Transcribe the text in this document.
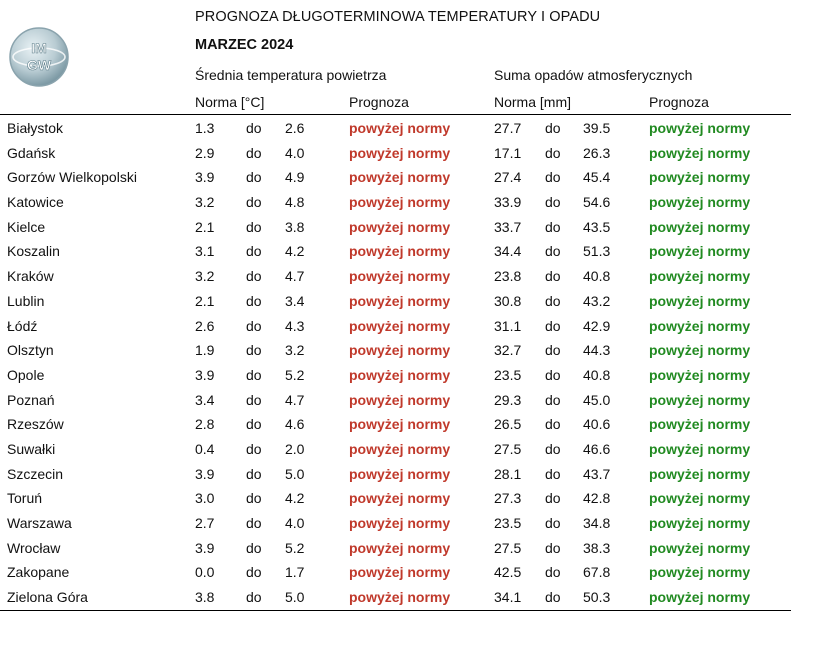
IM
GW
PROGNOZA DŁUGOTERMINOWA TEMPERATURY I OPADU
MARZEC 2024
Średnia temperatura powietrza	Suma opadów atmosferycznych
Norma [°C]	Prognoza	Norma [mm]	Prognoza
Białystok	1.3 do 2.6	powyżej normy	27.7 do 39.5	powyżej normy
Gdańsk	2.9 do 4.0	powyżej normy	17.1 do 26.3	powyżej normy
Gorzów Wielkopolski	3.9 do 4.9	powyżej normy	27.4 do 45.4	powyżej normy
Katowice	3.2 do 4.8	powyżej normy	33.9 do 54.6	powyżej normy
Kielce	2.1 do 3.8	powyżej normy	33.7 do 43.5	powyżej normy
Koszalin	3.1 do 4.2	powyżej normy	34.4 do 51.3	powyżej normy
Kraków	3.2 do 4.7	powyżej normy	23.8 do 40.8	powyżej normy
Lublin	2.1 do 3.4	powyżej normy	30.8 do 43.2	powyżej normy
Łódź	2.6 do 4.3	powyżej normy	31.1 do 42.9	powyżej normy
Olsztyn	1.9 do 3.2	powyżej normy	32.7 do 44.3	powyżej normy
Opole	3.9 do 5.2	powyżej normy	23.5 do 40.8	powyżej normy
Poznań	3.4 do 4.7	powyżej normy	29.3 do 45.0	powyżej normy
Rzeszów	2.8 do 4.6	powyżej normy	26.5 do 40.6	powyżej normy
Suwałki	0.4 do 2.0	powyżej normy	27.5 do 46.6	powyżej normy
Szczecin	3.9 do 5.0	powyżej normy	28.1 do 43.7	powyżej normy
Toruń	3.0 do 4.2	powyżej normy	27.3 do 42.8	powyżej normy
Warszawa	2.7 do 4.0	powyżej normy	23.5 do 34.8	powyżej normy
Wrocław	3.9 do 5.2	powyżej normy	27.5 do 38.3	powyżej normy
Zakopane	0.0 do 1.7	powyżej normy	42.5 do 67.8	powyżej normy
Zielona Góra	3.8 do 5.0	powyżej normy	34.1 do 50.3	powyżej normy
